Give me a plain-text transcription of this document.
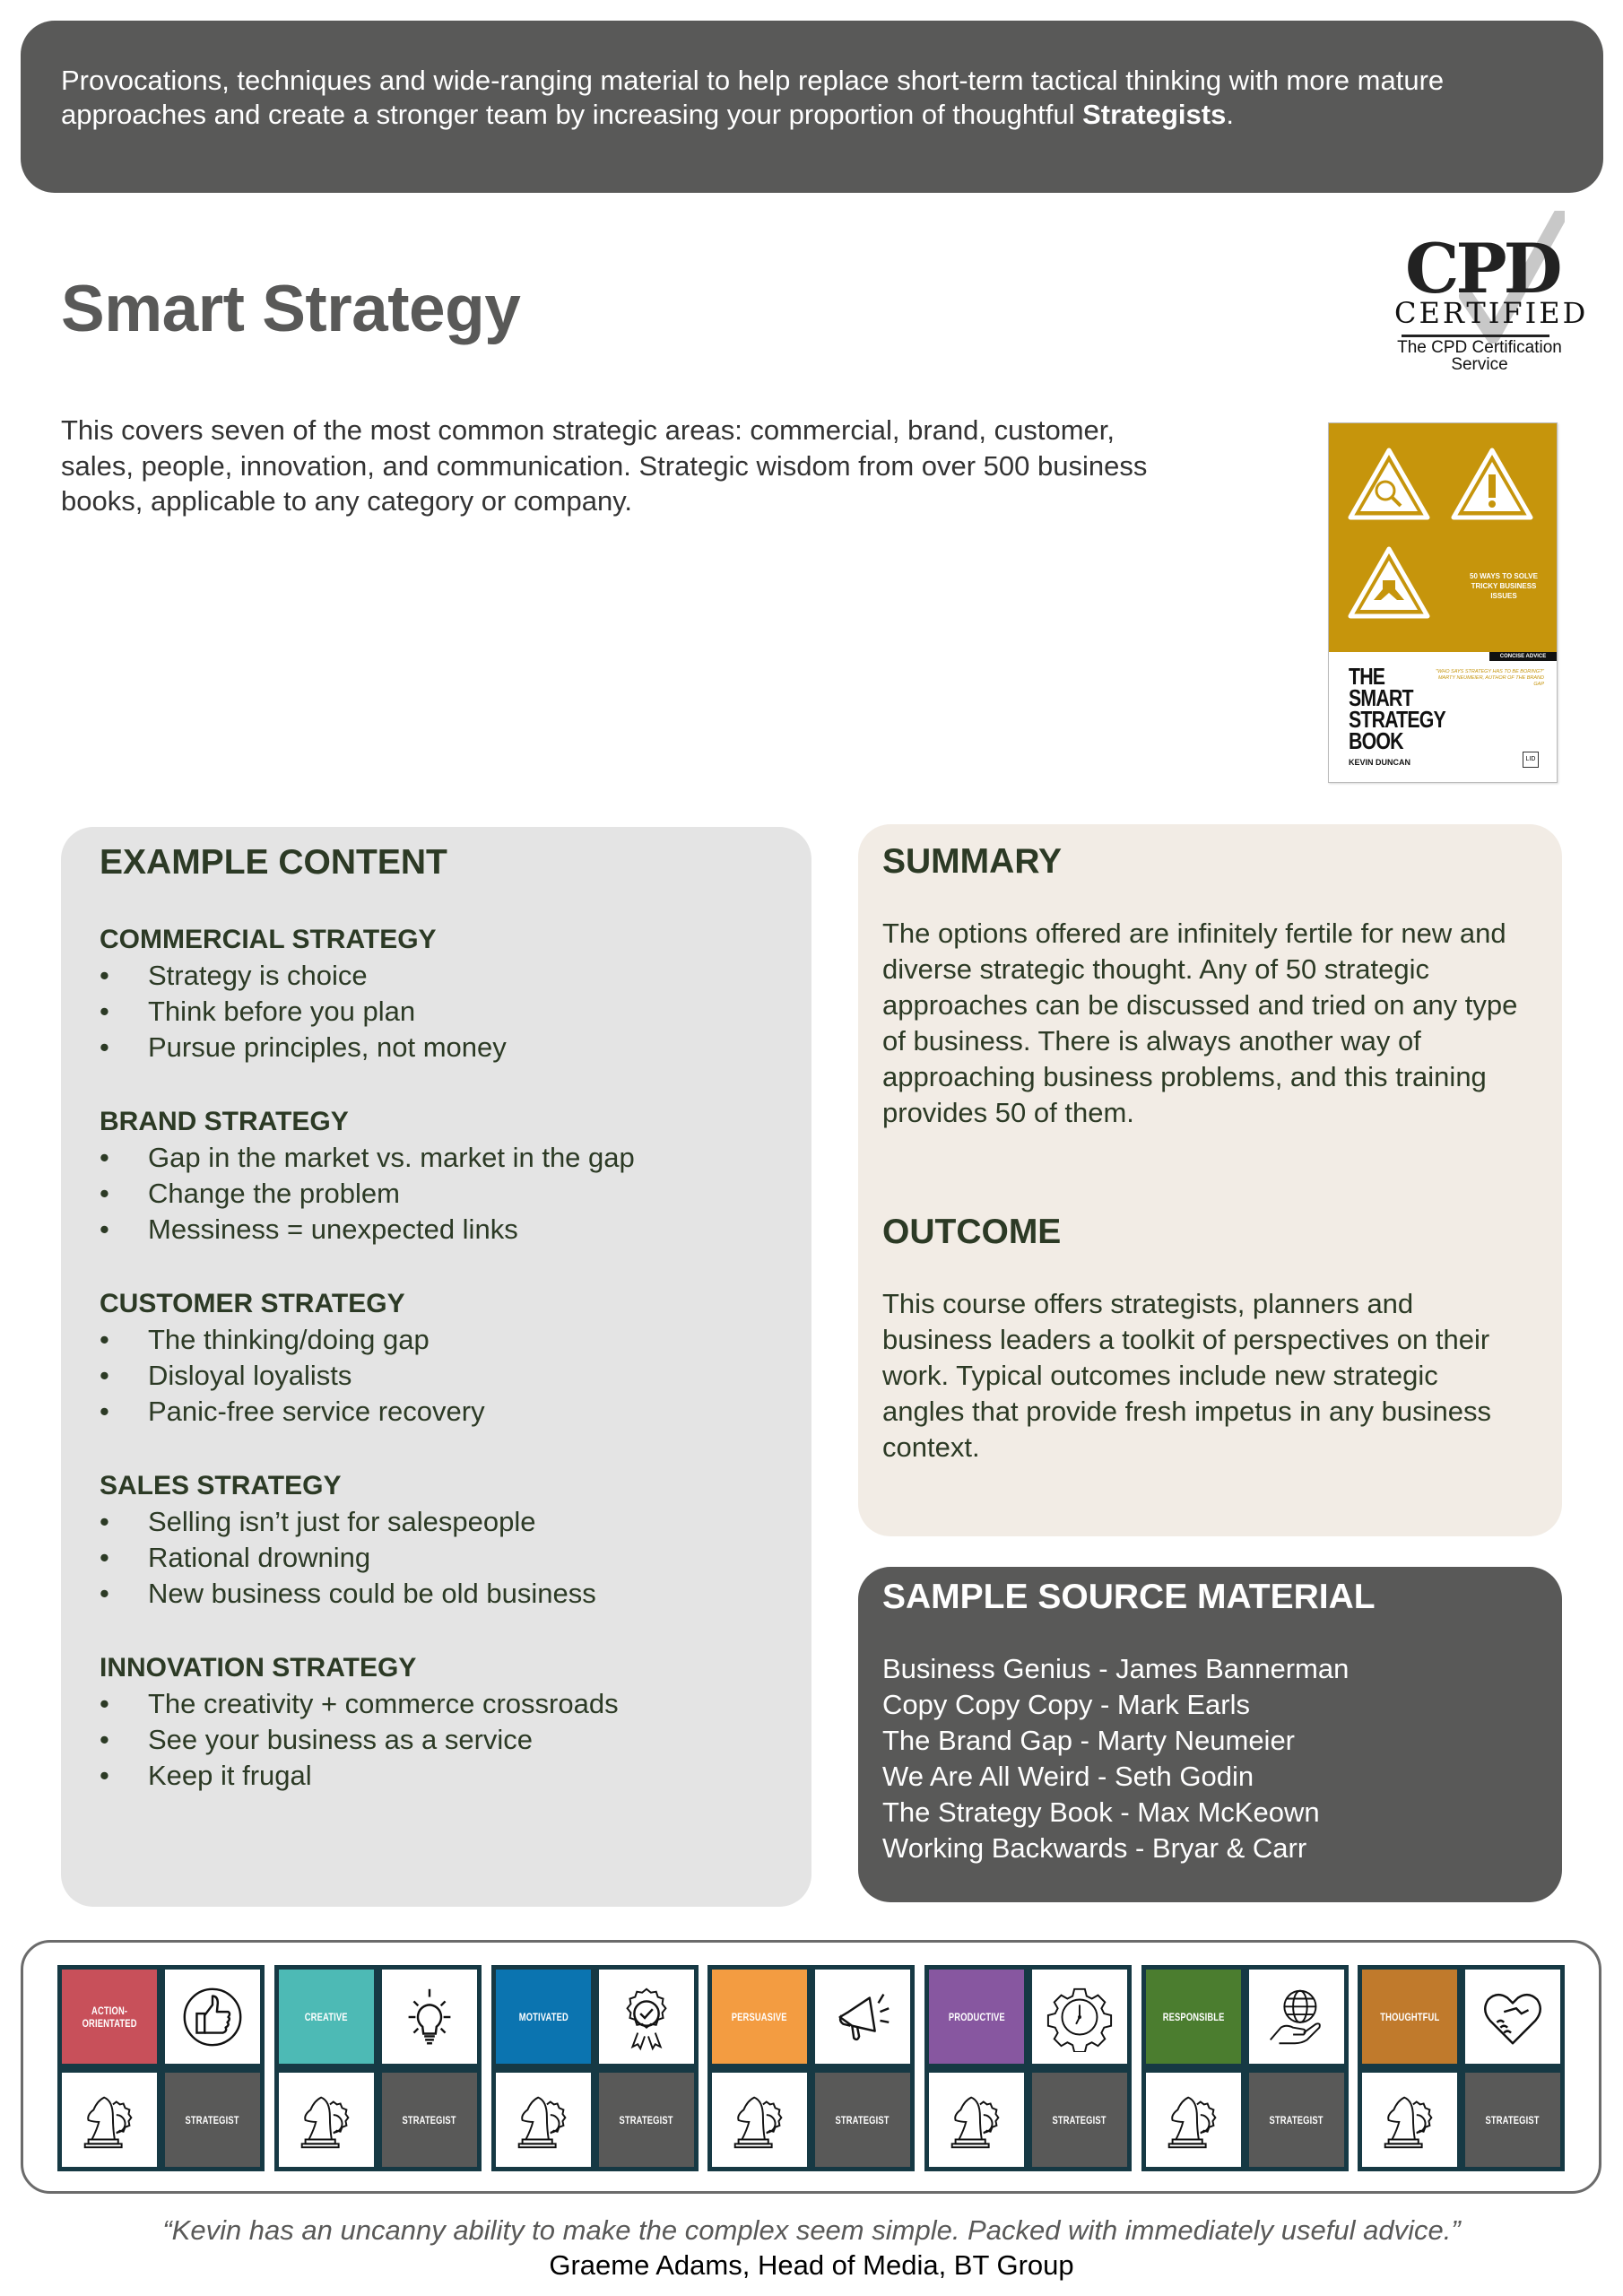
Provocations, techniques and wide-ranging material to help replace short-term tactical thinking with more mature approaches and create a stronger team by increasing your proportion of thoughtful Strategists.
Smart Strategy
This covers seven of the most common strategic areas: commercial, brand, customer, sales, people, innovation, and communication. Strategic wisdom from over 500 business books, applicable to any category or company.
CPD
CERTIFIED
The CPD Certification Service
50 WAYS TO SOLVE TRICKY BUSINESS ISSUES
CONCISE ADVICE
"WHO SAYS STRATEGY HAS TO BE BORING?" MARTY NEUMEIER, AUTHOR OF THE BRAND GAP
THE
SMART
STRATEGY
BOOK
KEVIN DUNCAN	LID
EXAMPLE CONTENT
COMMERCIAL STRATEGY
• Strategy is choice
• Think before you plan
• Pursue principles, not money
BRAND STRATEGY
• Gap in the market vs. market in the gap
• Change the problem
• Messiness = unexpected links
CUSTOMER STRATEGY
• The thinking/doing gap
• Disloyal loyalists
• Panic-free service recovery
SALES STRATEGY
• Selling isn’t just for salespeople
• Rational drowning
• New business could be old business
INNOVATION STRATEGY
• The creativity + commerce crossroads
• See your business as a service
• Keep it frugal
SUMMARY
The options offered are infinitely fertile for new and diverse strategic thought. Any of 50 strategic approaches can be discussed and tried on any type of business. There is always another way of approaching business problems, and this training provides 50 of them.
OUTCOME
This course offers strategists, planners and business leaders a toolkit of perspectives on their work. Typical outcomes include new strategic angles that provide fresh impetus in any business context.
SAMPLE SOURCE MATERIAL
Business Genius - James Bannerman
Copy Copy Copy - Mark Earls
The Brand Gap - Marty Neumeier
We Are All Weird - Seth Godin
The Strategy Book - Max McKeown
Working Backwards - Bryar & Carr
ACTION-
ORIENTATED
STRATEGIST
CREATIVE
STRATEGIST
MOTIVATED
STRATEGIST
PERSUASIVE
STRATEGIST
PRODUCTIVE
STRATEGIST
RESPONSIBLE
STRATEGIST
THOUGHTFUL
STRATEGIST
“Kevin has an uncanny ability to make the complex seem simple. Packed with immediately useful advice.”
Graeme Adams, Head of Media, BT Group
